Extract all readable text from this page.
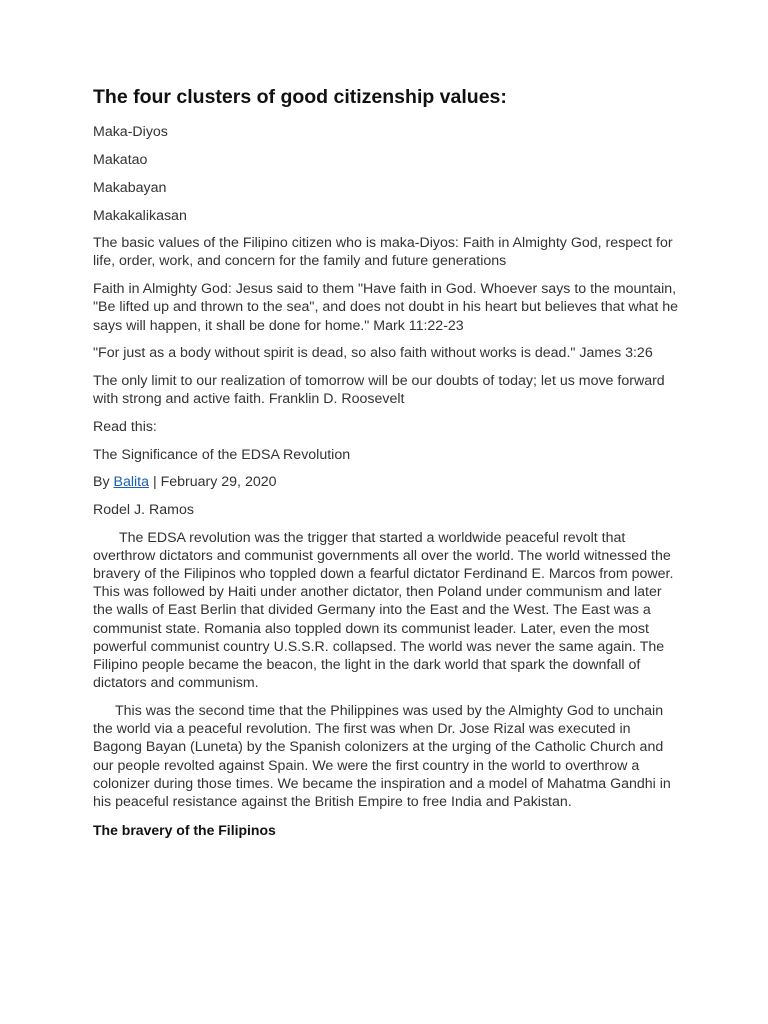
The four clusters of good citizenship values:

Maka-Diyos

Makatao

Makabayan

Makakalikasan

The basic values of the Filipino citizen who is maka-Diyos: Faith in Almighty God, respect for life, order, work, and concern for the family and future generations

Faith in Almighty God: Jesus said to them "Have faith in God. Whoever says to the mountain, "Be lifted up and thrown to the sea", and does not doubt in his heart but believes that what he says will happen, it shall be done for home." Mark 11:22-23

"For just as a body without spirit is dead, so also faith without works is dead." James 3:26

The only limit to our realization of tomorrow will be our doubts of today; let us move forward with strong and active faith. Franklin D. Roosevelt

Read this:

The Significance of the EDSA Revolution

By Balita | February 29, 2020

Rodel J. Ramos

The EDSA revolution was the trigger that started a worldwide peaceful revolt that overthrow dictators and communist governments all over the world. The world witnessed the bravery of the Filipinos who toppled down a fearful dictator Ferdinand E. Marcos from power. This was followed by Haiti under another dictator, then Poland under communism and later the walls of East Berlin that divided Germany into the East and the West. The East was a communist state. Romania also toppled down its communist leader. Later, even the most powerful communist country U.S.S.R. collapsed. The world was never the same again. The Filipino people became the beacon, the light in the dark world that spark the downfall of dictators and communism.

This was the second time that the Philippines was used by the Almighty God to unchain the world via a peaceful revolution. The first was when Dr. Jose Rizal was executed in Bagong Bayan (Luneta) by the Spanish colonizers at the urging of the Catholic Church and our people revolted against Spain. We were the first country in the world to overthrow a colonizer during those times. We became the inspiration and a model of Mahatma Gandhi in his peaceful resistance against the British Empire to free India and Pakistan.

The bravery of the Filipinos
